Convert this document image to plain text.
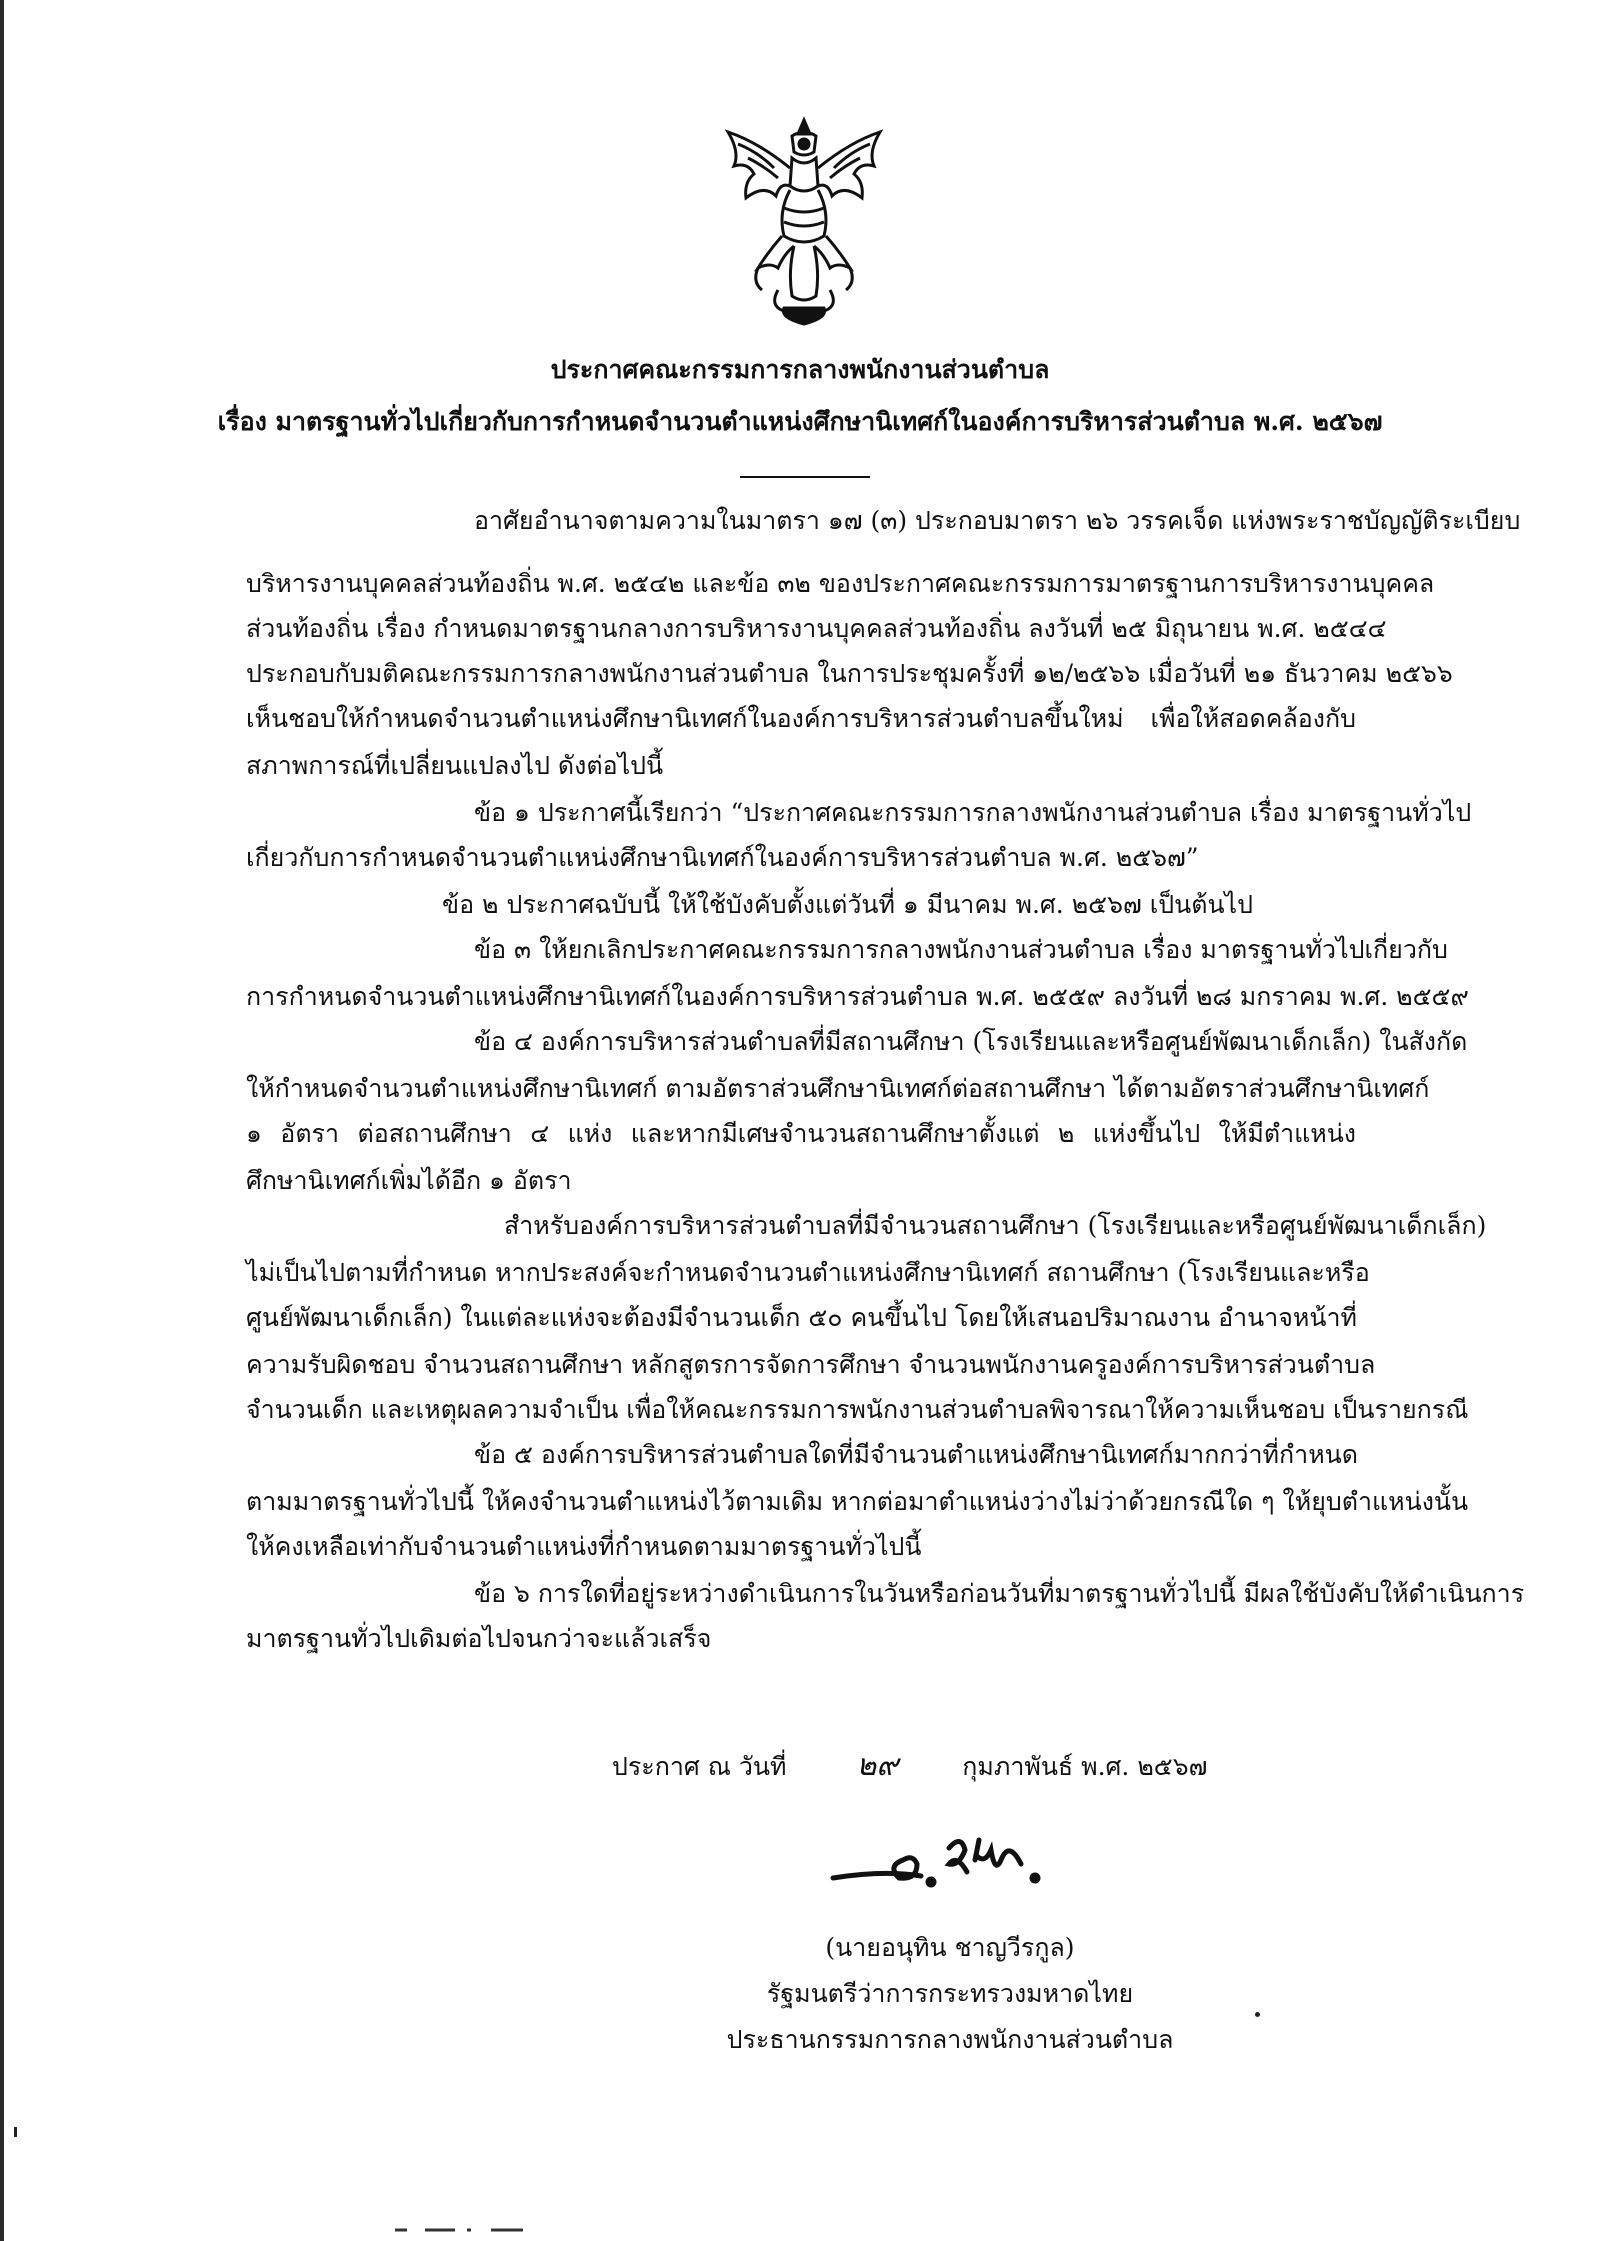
ประกาศคณะกรรมการกลางพนักงานส่วนตำบล
เรื่อง มาตรฐานทั่วไปเกี่ยวกับการกำหนดจำนวนตำแหน่งศึกษานิเทศก์ในองค์การบริหารส่วนตำบล พ.ศ. ๒๕๖๗
อาศัยอำนาจตามความในมาตรา ๑๗ (๓) ประกอบมาตรา ๒๖ วรรคเจ็ด แห่งพระราชบัญญัติระเบียบ
บริหารงานบุคคลส่วนท้องถิ่น พ.ศ. ๒๕๔๒ และข้อ ๓๒ ของประกาศคณะกรรมการมาตรฐานการบริหารงานบุคคล
ส่วนท้องถิ่น เรื่อง กำหนดมาตรฐานกลางการบริหารงานบุคคลส่วนท้องถิ่น ลงวันที่ ๒๕ มิถุนายน พ.ศ. ๒๕๔๔
ประกอบกับมติคณะกรรมการกลางพนักงานส่วนตำบล ในการประชุมครั้งที่ ๑๒/๒๕๖๖ เมื่อวันที่ ๒๑ ธันวาคม ๒๕๖๖
เห็นชอบให้กำหนดจำนวนตำแหน่งศึกษานิเทศก์ในองค์การบริหารส่วนตำบลขึ้นใหม่ เพื่อให้สอดคล้องกับ
สภาพการณ์ที่เปลี่ยนแปลงไป ดังต่อไปนี้
ข้อ ๑ ประกาศนี้เรียกว่า “ประกาศคณะกรรมการกลางพนักงานส่วนตำบล เรื่อง มาตรฐานทั่วไป
เกี่ยวกับการกำหนดจำนวนตำแหน่งศึกษานิเทศก์ในองค์การบริหารส่วนตำบล พ.ศ. ๒๕๖๗”
ข้อ ๒ ประกาศฉบับนี้ ให้ใช้บังคับตั้งแต่วันที่ ๑ มีนาคม พ.ศ. ๒๕๖๗ เป็นต้นไป
ข้อ ๓ ให้ยกเลิกประกาศคณะกรรมการกลางพนักงานส่วนตำบล เรื่อง มาตรฐานทั่วไปเกี่ยวกับ
การกำหนดจำนวนตำแหน่งศึกษานิเทศก์ในองค์การบริหารส่วนตำบล พ.ศ. ๒๕๕๙ ลงวันที่ ๒๘ มกราคม พ.ศ. ๒๕๕๙
ข้อ ๔ องค์การบริหารส่วนตำบลที่มีสถานศึกษา (โรงเรียนและหรือศูนย์พัฒนาเด็กเล็ก) ในสังกัด
ให้กำหนดจำนวนตำแหน่งศึกษานิเทศก์ ตามอัตราส่วนศึกษานิเทศก์ต่อสถานศึกษา ได้ตามอัตราส่วนศึกษานิเทศก์
๑ อัตรา ต่อสถานศึกษา ๔ แห่ง และหากมีเศษจำนวนสถานศึกษาตั้งแต่ ๒ แห่งขึ้นไป ให้มีตำแหน่ง
ศึกษานิเทศก์เพิ่มได้อีก ๑ อัตรา
สำหรับองค์การบริหารส่วนตำบลที่มีจำนวนสถานศึกษา (โรงเรียนและหรือศูนย์พัฒนาเด็กเล็ก)
ไม่เป็นไปตามที่กำหนด หากประสงค์จะกำหนดจำนวนตำแหน่งศึกษานิเทศก์ สถานศึกษา (โรงเรียนและหรือ
ศูนย์พัฒนาเด็กเล็ก) ในแต่ละแห่งจะต้องมีจำนวนเด็ก ๕๐ คนขึ้นไป โดยให้เสนอปริมาณงาน อำนาจหน้าที่
ความรับผิดชอบ จำนวนสถานศึกษา หลักสูตรการจัดการศึกษา จำนวนพนักงานครูองค์การบริหารส่วนตำบล
จำนวนเด็ก และเหตุผลความจำเป็น เพื่อให้คณะกรรมการพนักงานส่วนตำบลพิจารณาให้ความเห็นชอบ เป็นรายกรณี
ข้อ ๕ องค์การบริหารส่วนตำบลใดที่มีจำนวนตำแหน่งศึกษานิเทศก์มากกว่าที่กำหนด
ตามมาตรฐานทั่วไปนี้ ให้คงจำนวนตำแหน่งไว้ตามเดิม หากต่อมาตำแหน่งว่างไม่ว่าด้วยกรณีใด ๆ ให้ยุบตำแหน่งนั้น
ให้คงเหลือเท่ากับจำนวนตำแหน่งที่กำหนดตามมาตรฐานทั่วไปนี้
ข้อ ๖ การใดที่อยู่ระหว่างดำเนินการในวันหรือก่อนวันที่มาตรฐานทั่วไปนี้ มีผลใช้บังคับให้ดำเนินการ
มาตรฐานทั่วไปเดิมต่อไปจนกว่าจะแล้วเสร็จ
ประกาศ ณ วันที่ ๒๙	กุมภาพันธ์ พ.ศ. ๒๕๖๗
(นายอนุทิน ชาญวีรกูล)
รัฐมนตรีว่าการกระทรวงมหาดไทย
ประธานกรรมการกลางพนักงานส่วนตำบล
